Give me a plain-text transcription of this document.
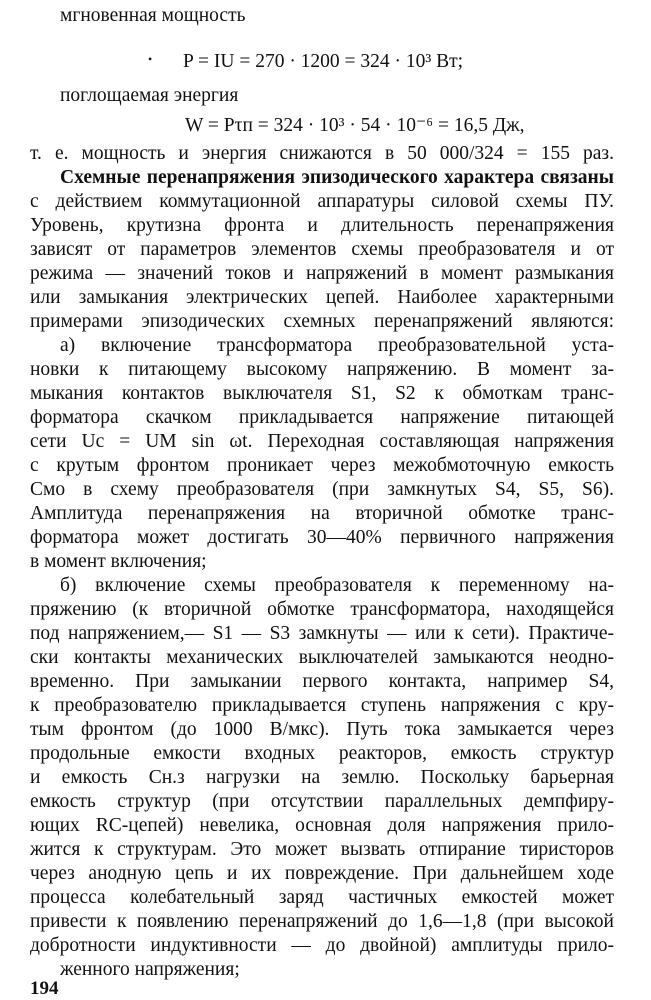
мгновенная мощность
• P = IU = 270 · 1200 = 324 · 10³ Вт;
поглощаемая энергия
W = Pτп = 324 · 10³ · 54 · 10⁻⁶ = 16,5 Дж,
т. е. мощность и энергия снижаются в 50 000/324 = 155 раз.
Схемные перенапряжения эпизодического характера связаны
с действием коммутационной аппаратуры силовой схемы ПУ.
Уровень, крутизна фронта и длительность перенапряжения
зависят от параметров элементов схемы преобразователя и от
режима — значений токов и напряжений в момент размыкания
или замыкания электрических цепей. Наиболее характерными
примерами эпизодических схемных перенапряжений являются:
а) включение трансформатора преобразовательной уста-
новки к питающему высокому напряжению. В момент за-
мыкания контактов выключателя S1, S2 к обмоткам транс-
форматора скачком прикладывается напряжение питающей
сети Uc = UM sin ωt. Переходная составляющая напряжения
с крутым фронтом проникает через межобмоточную емкость
Cмо в схему преобразователя (при замкнутых S4, S5, S6).
Амплитуда перенапряжения на вторичной обмотке транс-
форматора может достигать 30—40% первичного напряжения
в момент включения;
б) включение схемы преобразователя к переменному на-
пряжению (к вторичной обмотке трансформатора, находящейся
под напряжением,— S1 — S3 замкнуты — или к сети). Практиче-
ски контакты механических выключателей замыкаются неодно-
временно. При замыкании первого контакта, например S4,
к преобразователю прикладывается ступень напряжения с кру-
тым фронтом (до 1000 В/мкс). Путь тока замыкается через
продольные емкости входных реакторов, емкость структур
и емкость Cн.з нагрузки на землю. Поскольку барьерная
емкость структур (при отсутствии параллельных демпфиру-
ющих RC-цепей) невелика, основная доля напряжения прило-
жится к структурам. Это может вызвать отпирание тиристоров
через анодную цепь и их повреждение. При дальнейшем ходе
процесса колебательный заряд частичных емкостей может
привести к появлению перенапряжений до 1,6—1,8 (при высокой
добротности индуктивности — до двойной) амплитуды прило-
женного напряжения;
194
